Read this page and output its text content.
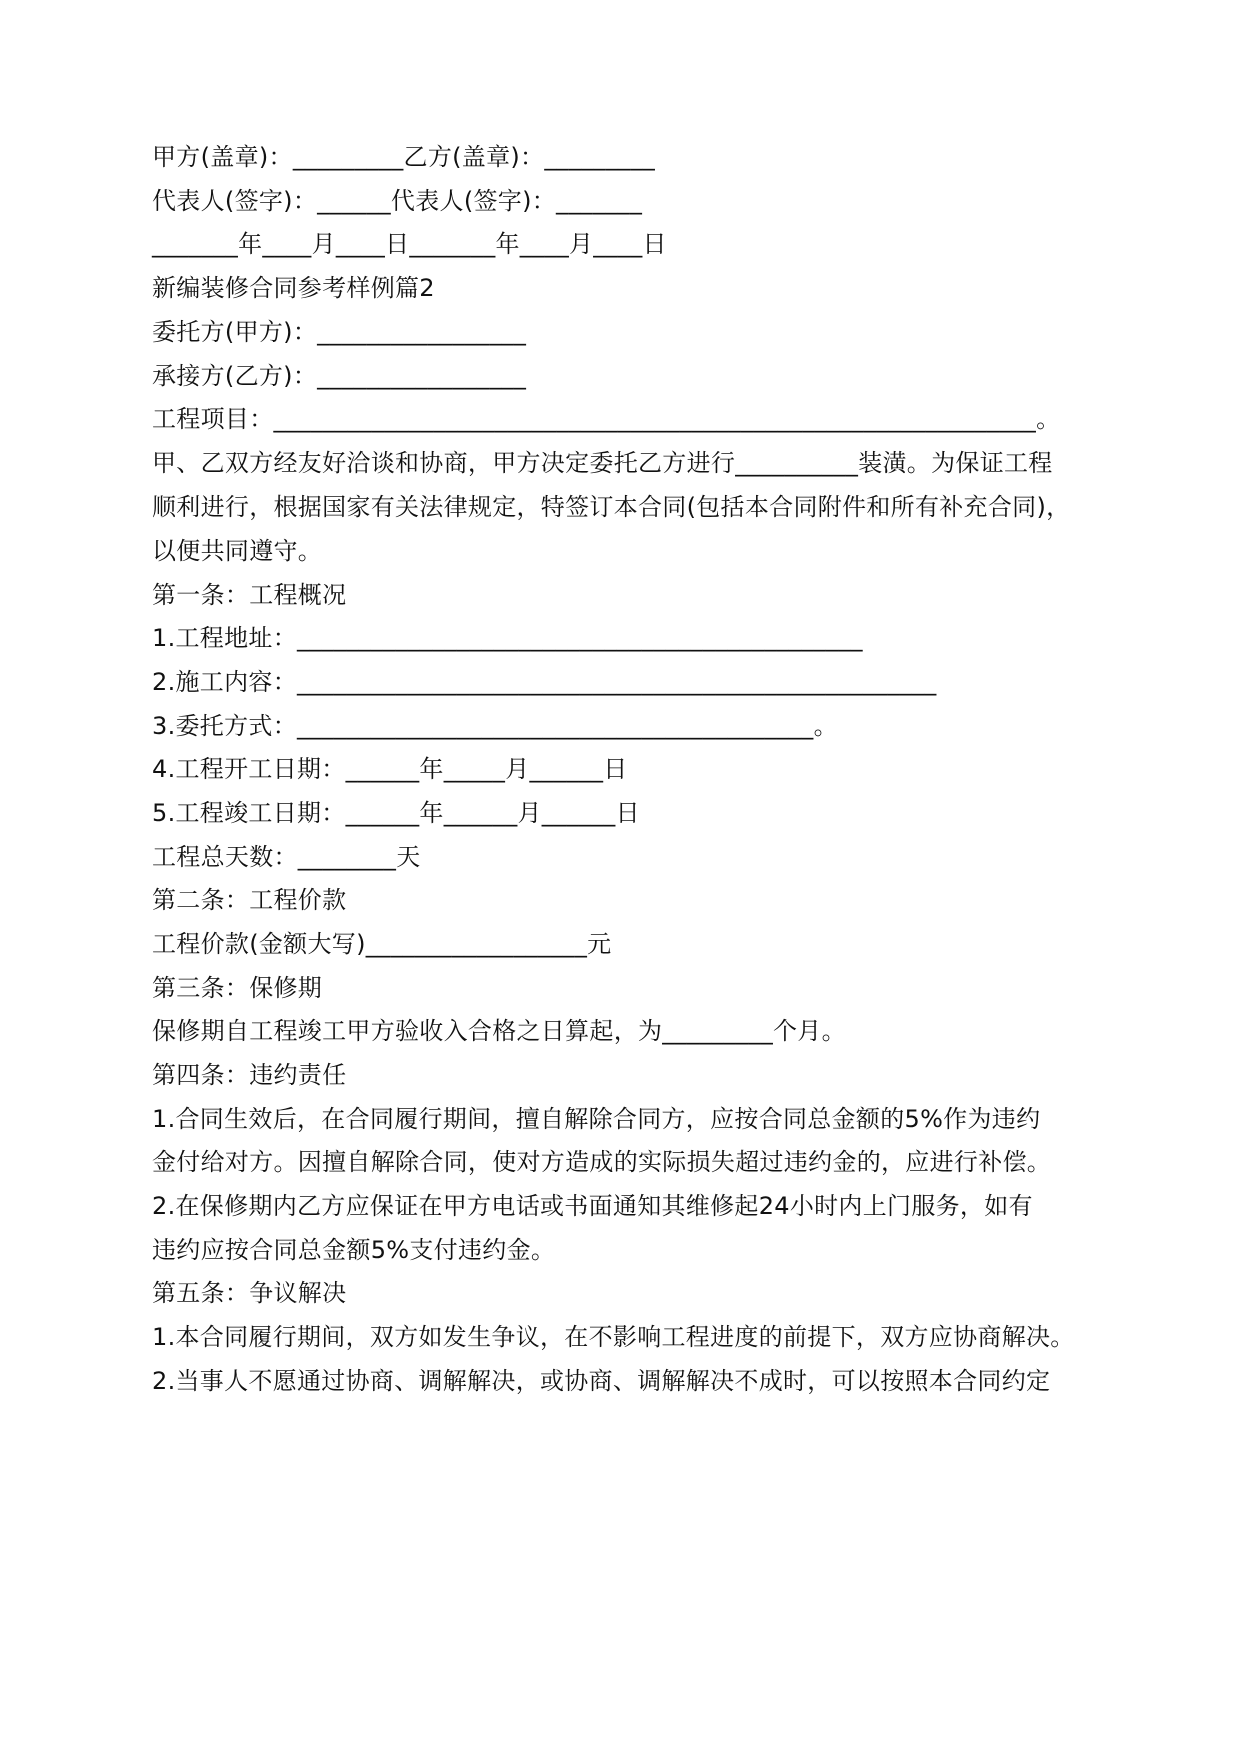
甲方(盖章)：_________乙方(盖章)：_________
代表人(签字)：______代表人(签字)：_______
_______年____月____日_______年____月____日
新编装修合同参考样例篇2
委托方(甲方)：_________________
承接方(乙方)：_________________
工程项目：______________________________________________________________。
甲、乙双方经友好洽谈和协商，甲方决定委托乙方进行__________装潢。为保证工程
顺利进行，根据国家有关法律规定，特签订本合同(包括本合同附件和所有补充合同)，
以便共同遵守。
第一条：工程概况
1.工程地址：______________________________________________
2.施工内容：____________________________________________________
3.委托方式：__________________________________________。
4.工程开工日期：______年_____月______日
5.工程竣工日期：______年______月______日
工程总天数：________天
第二条：工程价款
工程价款(金额大写)__________________元
第三条：保修期
保修期自工程竣工甲方验收入合格之日算起，为_________个月。
第四条：违约责任
1.合同生效后，在合同履行期间，擅自解除合同方，应按合同总金额的5%作为违约
金付给对方。因擅自解除合同，使对方造成的实际损失超过违约金的，应进行补偿。
2.在保修期内乙方应保证在甲方电话或书面通知其维修起24小时内上门服务，如有
违约应按合同总金额5%支付违约金。
第五条：争议解决
1.本合同履行期间，双方如发生争议，在不影响工程进度的前提下，双方应协商解决。
2.当事人不愿通过协商、调解解决，或协商、调解解决不成时，可以按照本合同约定
